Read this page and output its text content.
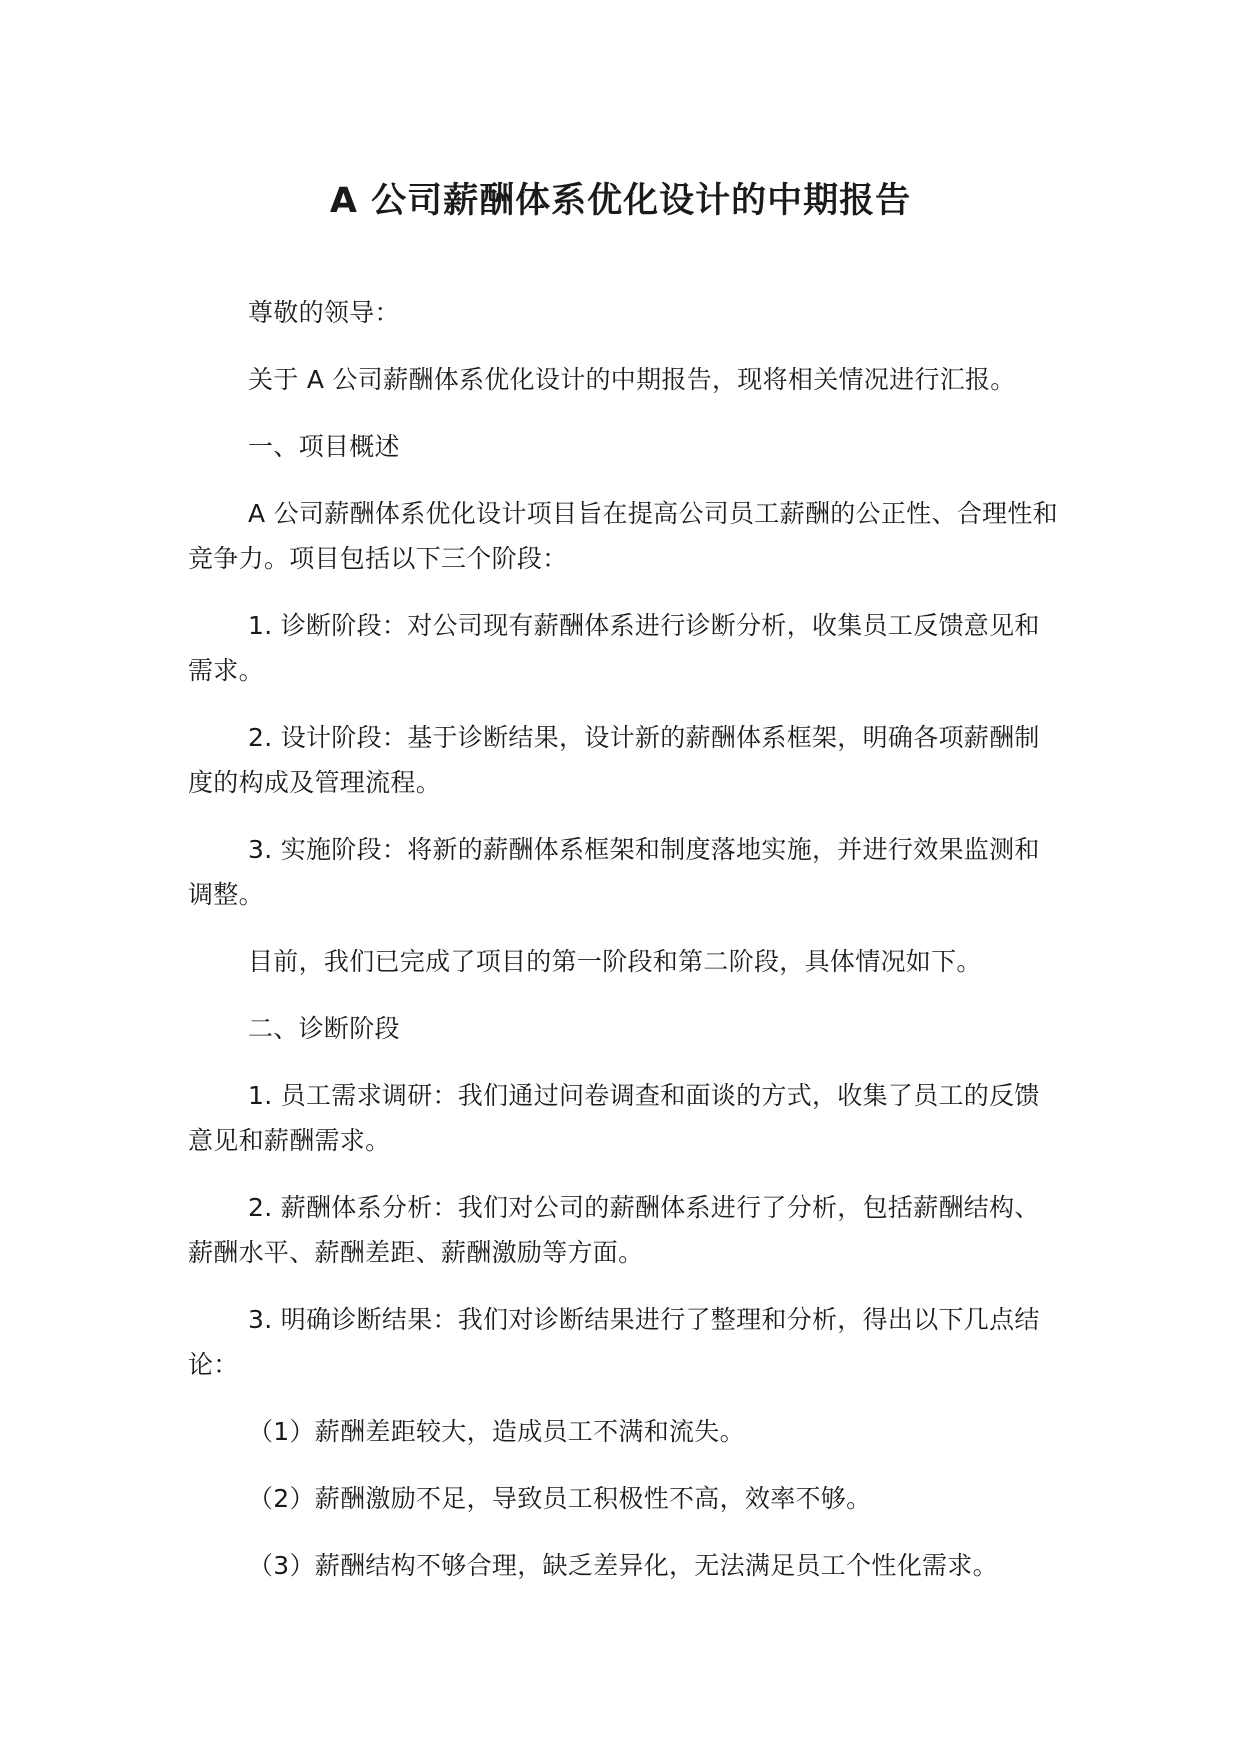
A 公司薪酬体系优化设计的中期报告

尊敬的领导：

关于 A 公司薪酬体系优化设计的中期报告，现将相关情况进行汇报。

一、项目概述

A 公司薪酬体系优化设计项目旨在提高公司员工薪酬的公正性、合理性和竞争力。项目包括以下三个阶段：

1. 诊断阶段：对公司现有薪酬体系进行诊断分析，收集员工反馈意见和需求。

2. 设计阶段：基于诊断结果，设计新的薪酬体系框架，明确各项薪酬制度的构成及管理流程。

3. 实施阶段：将新的薪酬体系框架和制度落地实施，并进行效果监测和调整。

目前，我们已完成了项目的第一阶段和第二阶段，具体情况如下。

二、诊断阶段

1. 员工需求调研：我们通过问卷调查和面谈的方式，收集了员工的反馈意见和薪酬需求。

2. 薪酬体系分析：我们对公司的薪酬体系进行了分析，包括薪酬结构、薪酬水平、薪酬差距、薪酬激励等方面。

3. 明确诊断结果：我们对诊断结果进行了整理和分析，得出以下几点结论：

（1）薪酬差距较大，造成员工不满和流失。

（2）薪酬激励不足，导致员工积极性不高，效率不够。

（3）薪酬结构不够合理，缺乏差异化，无法满足员工个性化需求。
